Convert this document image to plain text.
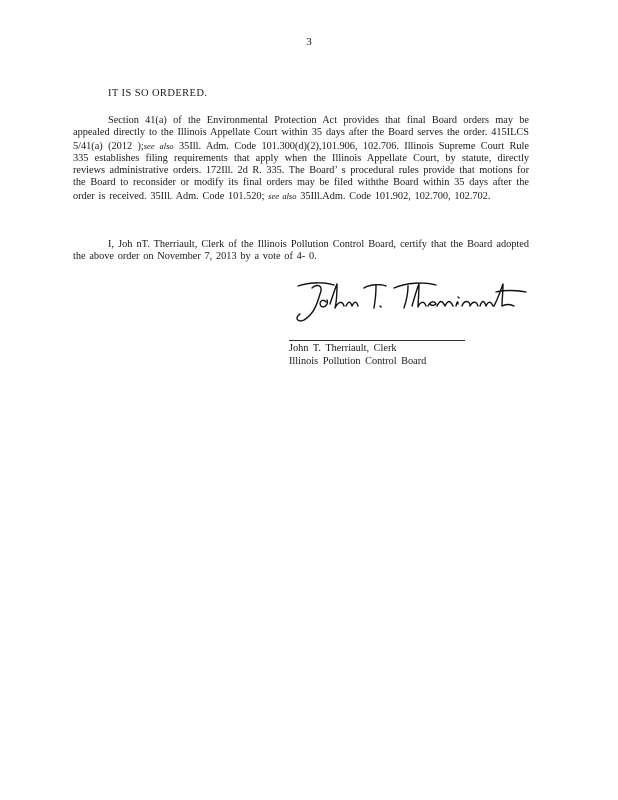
3
IT IS SO ORDERED.
Section 41(a) of the Environmental Protection Act provides that final Board orders may be appealed directly to the Illinois Appellate Court within 35 days after the Board serves the order. 415ILCS 5/41(a) (2012 );see also 35Ill. Adm. Code 101.300(d)(2),101.906, 102.706. Illinois Supreme Court Rule 335 establishes filing requirements that apply when the Illinois Appellate Court, by statute, directly reviews administrative orders. 172Ill. 2d R. 335. The Board’ s procedural rules provide that motions for the Board to reconsider or modify its final orders may be filed withthe Board within 35 days after the order is received. 35Ill. Adm. Code 101.520; see also 35Ill.Adm. Code 101.902, 102.700, 102.702.
I, Joh nT. Therriault, Clerk of the Illinois Pollution Control Board, certify that the Board adopted the above order on November 7, 2013 by a vote of 4- 0.
John T. Therriault, Clerk
Illinois Pollution Control Board
